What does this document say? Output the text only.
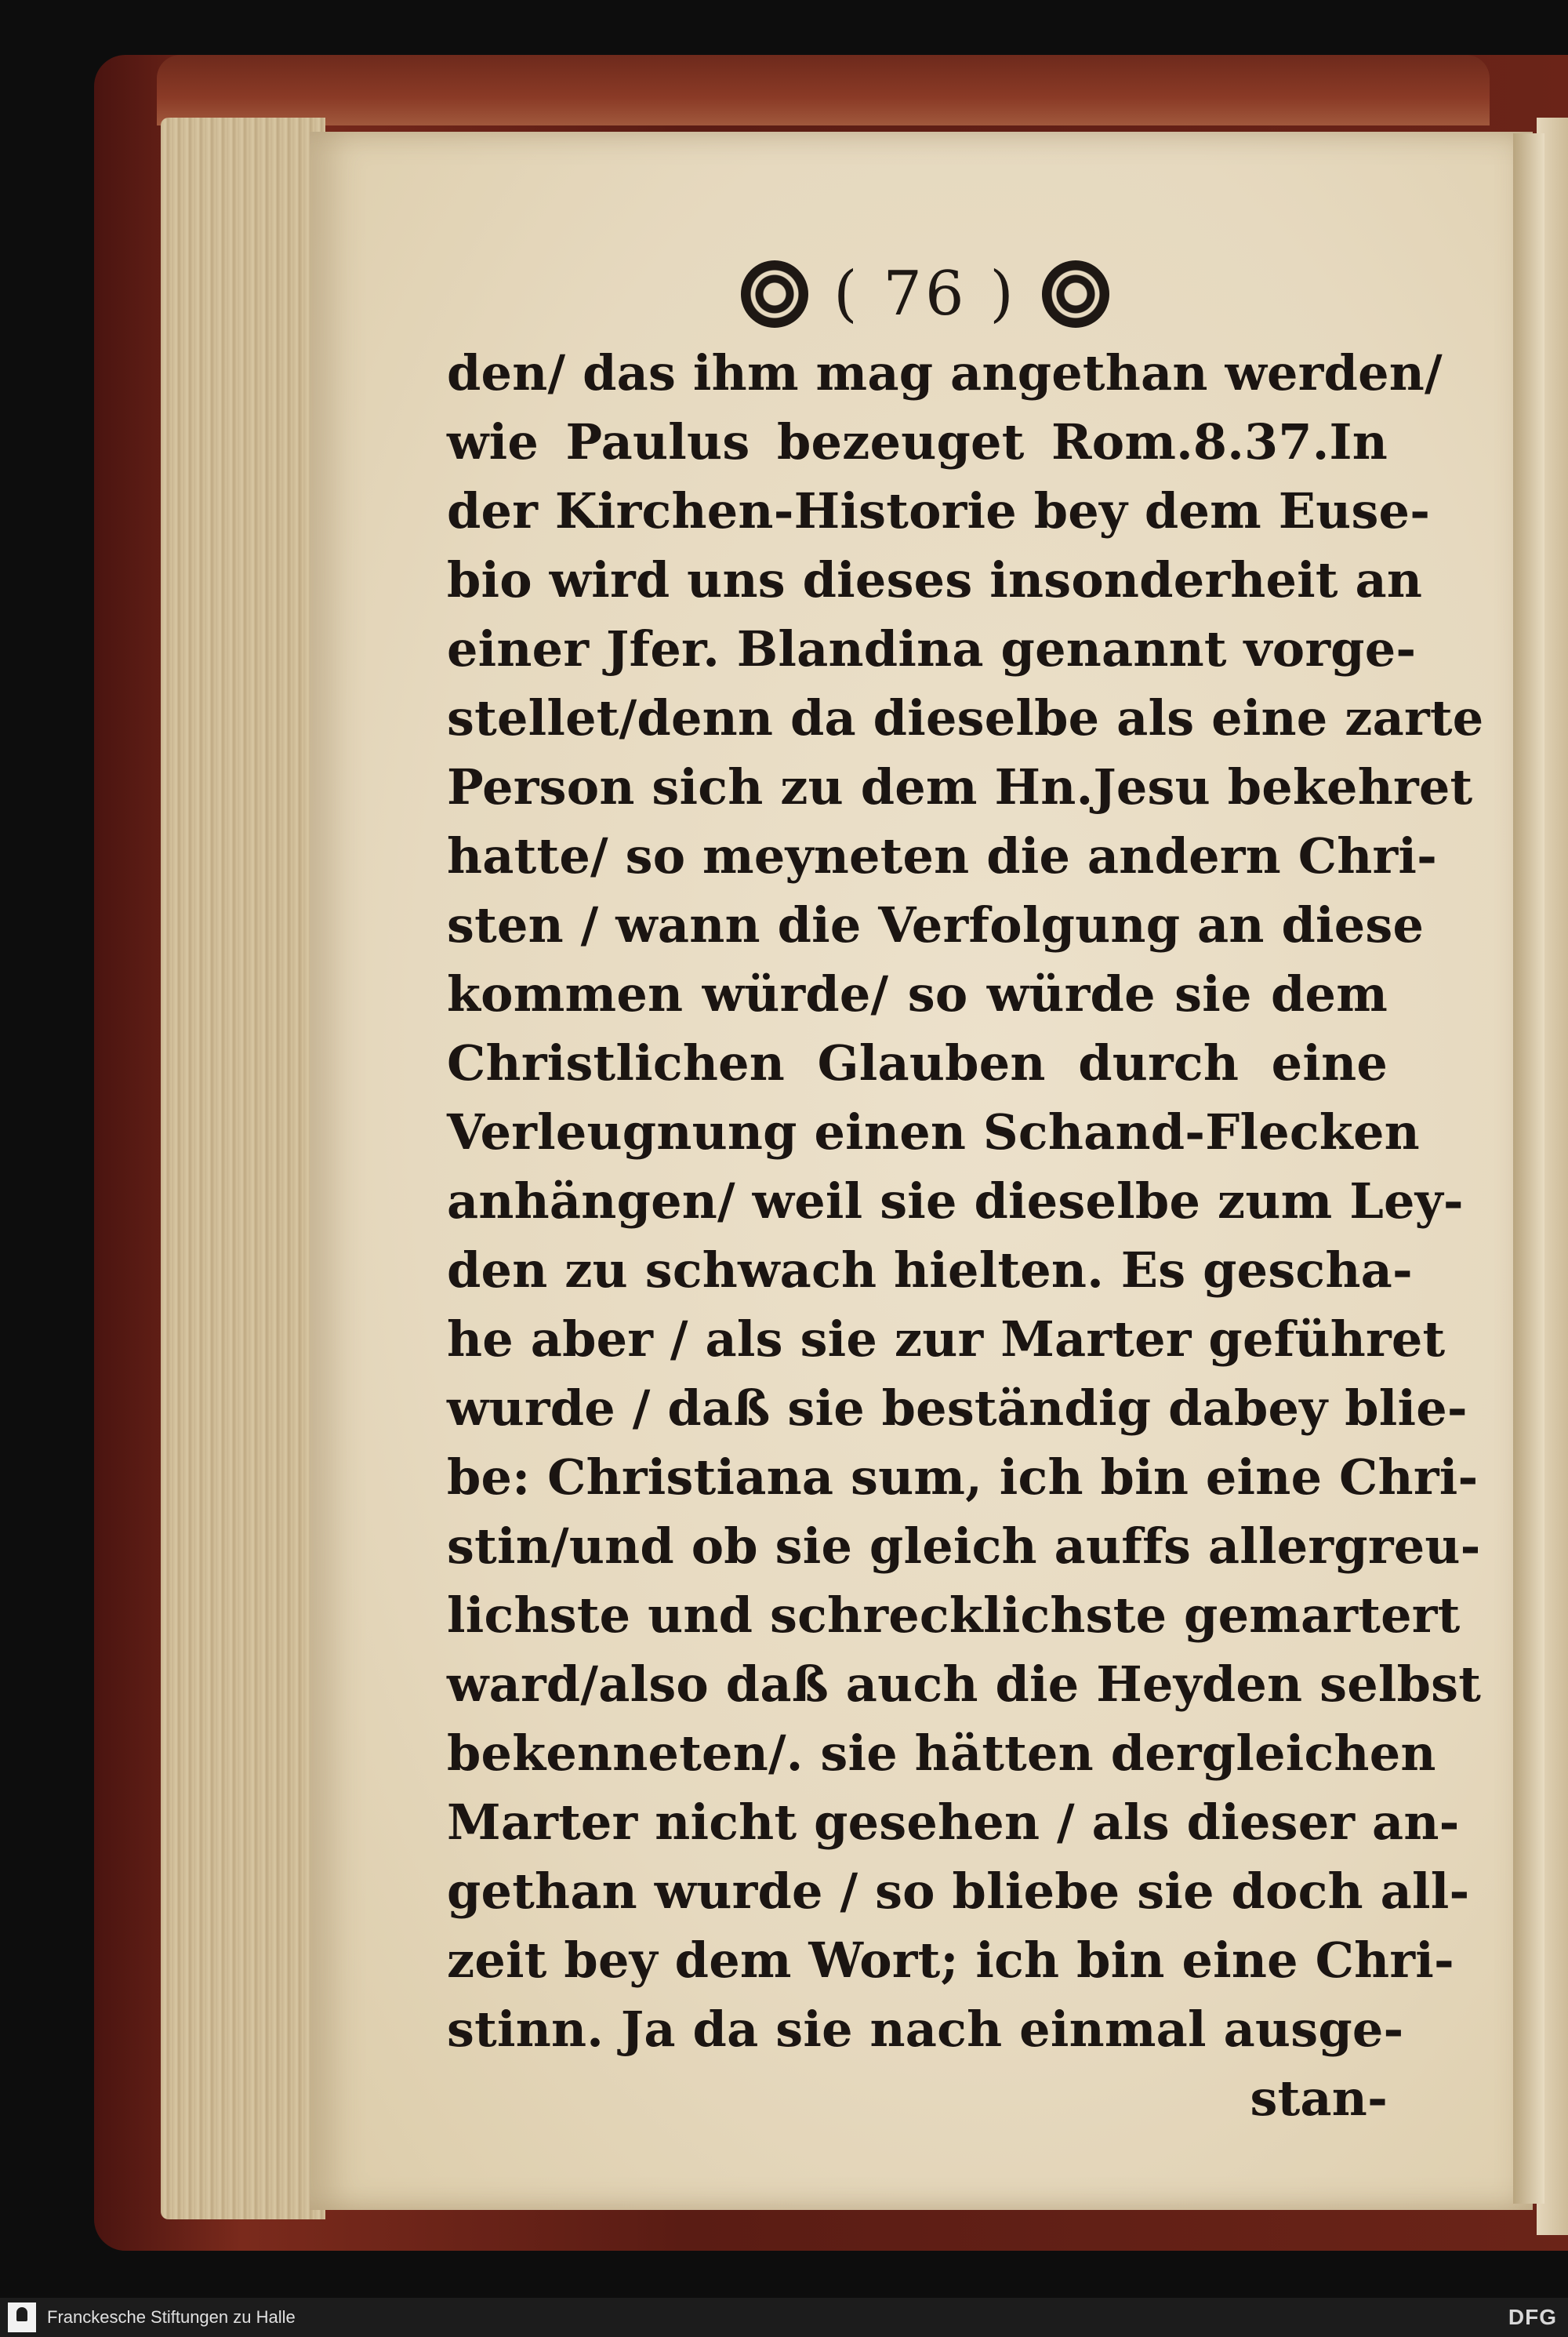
( 76 )
den/ das ihm mag angethan werden/
wie Paulus bezeuget Rom.8.37.In
der Kirchen-Historie bey dem Euse-
bio wird uns dieses insonderheit an
einer Jfer. Blandina genannt vorge-
stellet/denn da dieselbe als eine zarte
Person sich zu dem Hn.Jesu bekehret
hatte/ so meyneten die andern Chri-
sten / wann die Verfolgung an diese
kommen würde/ so würde sie dem
Christlichen Glauben durch eine
Verleugnung einen Schand-Flecken
anhängen/ weil sie dieselbe zum Ley-
den zu schwach hielten. Es gescha-
he aber / als sie zur Marter geführet
wurde / daß sie beständig dabey blie-
be: Christiana sum, ich bin eine Chri-
stin/und ob sie gleich auffs allergreu-
lichste und schrecklichste gemartert
ward/also daß auch die Heyden selbst
bekenneten/. sie hätten dergleichen
Marter nicht gesehen / als dieser an-
gethan wurde / so bliebe sie doch all-
zeit bey dem Wort; ich bin eine Chri-
stinn. Ja da sie nach einmal ausge-
stan-
Franckesche Stiftungen zu Halle	DFG
